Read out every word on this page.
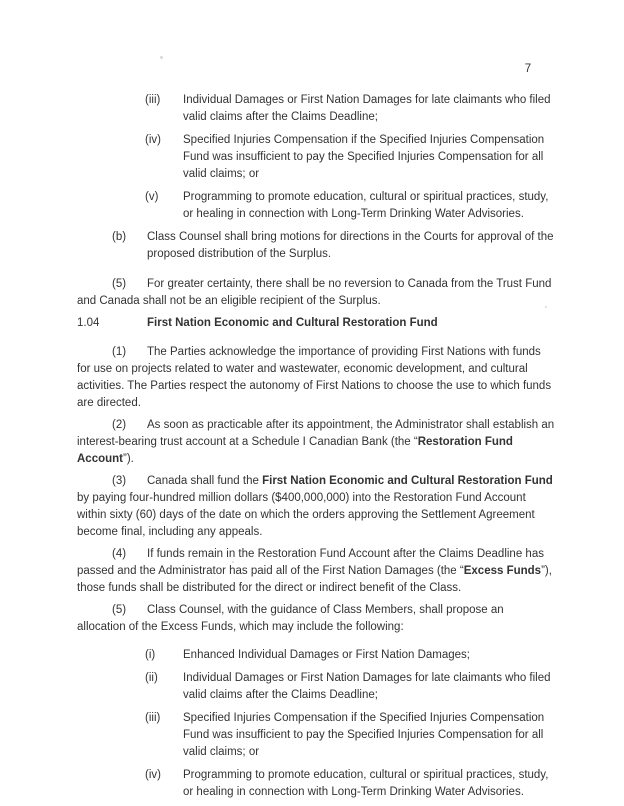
7
(iii) Individual Damages or First Nation Damages for late claimants who filed valid claims after the Claims Deadline;
(iv) Specified Injuries Compensation if the Specified Injuries Compensation Fund was insufficient to pay the Specified Injuries Compensation for all valid claims; or
(v) Programming to promote education, cultural or spiritual practices, study, or healing in connection with Long-Term Drinking Water Advisories.
(b) Class Counsel shall bring motions for directions in the Courts for approval of the proposed distribution of the Surplus.

(5) For greater certainty, there shall be no reversion to Canada from the Trust Fund and Canada shall not be an eligible recipient of the Surplus.

1.04	First Nation Economic and Cultural Restoration Fund

(1) The Parties acknowledge the importance of providing First Nations with funds for use on projects related to water and wastewater, economic development, and cultural activities. The Parties respect the autonomy of First Nations to choose the use to which funds are directed.

(2) As soon as practicable after its appointment, the Administrator shall establish an interest-bearing trust account at a Schedule I Canadian Bank (the “Restoration Fund Account”).

(3) Canada shall fund the First Nation Economic and Cultural Restoration Fund by paying four-hundred million dollars ($400,000,000) into the Restoration Fund Account within sixty (60) days of the date on which the orders approving the Settlement Agreement become final, including any appeals.

(4) If funds remain in the Restoration Fund Account after the Claims Deadline has passed and the Administrator has paid all of the First Nation Damages (the “Excess Funds”), those funds shall be distributed for the direct or indirect benefit of the Class.

(5) Class Counsel, with the guidance of Class Members, shall propose an allocation of the Excess Funds, which may include the following:

(i) Enhanced Individual Damages or First Nation Damages;
(ii) Individual Damages or First Nation Damages for late claimants who filed valid claims after the Claims Deadline;
(iii) Specified Injuries Compensation if the Specified Injuries Compensation Fund was insufficient to pay the Specified Injuries Compensation for all valid claims; or
(iv) Programming to promote education, cultural or spiritual practices, study, or healing in connection with Long-Term Drinking Water Advisories.
